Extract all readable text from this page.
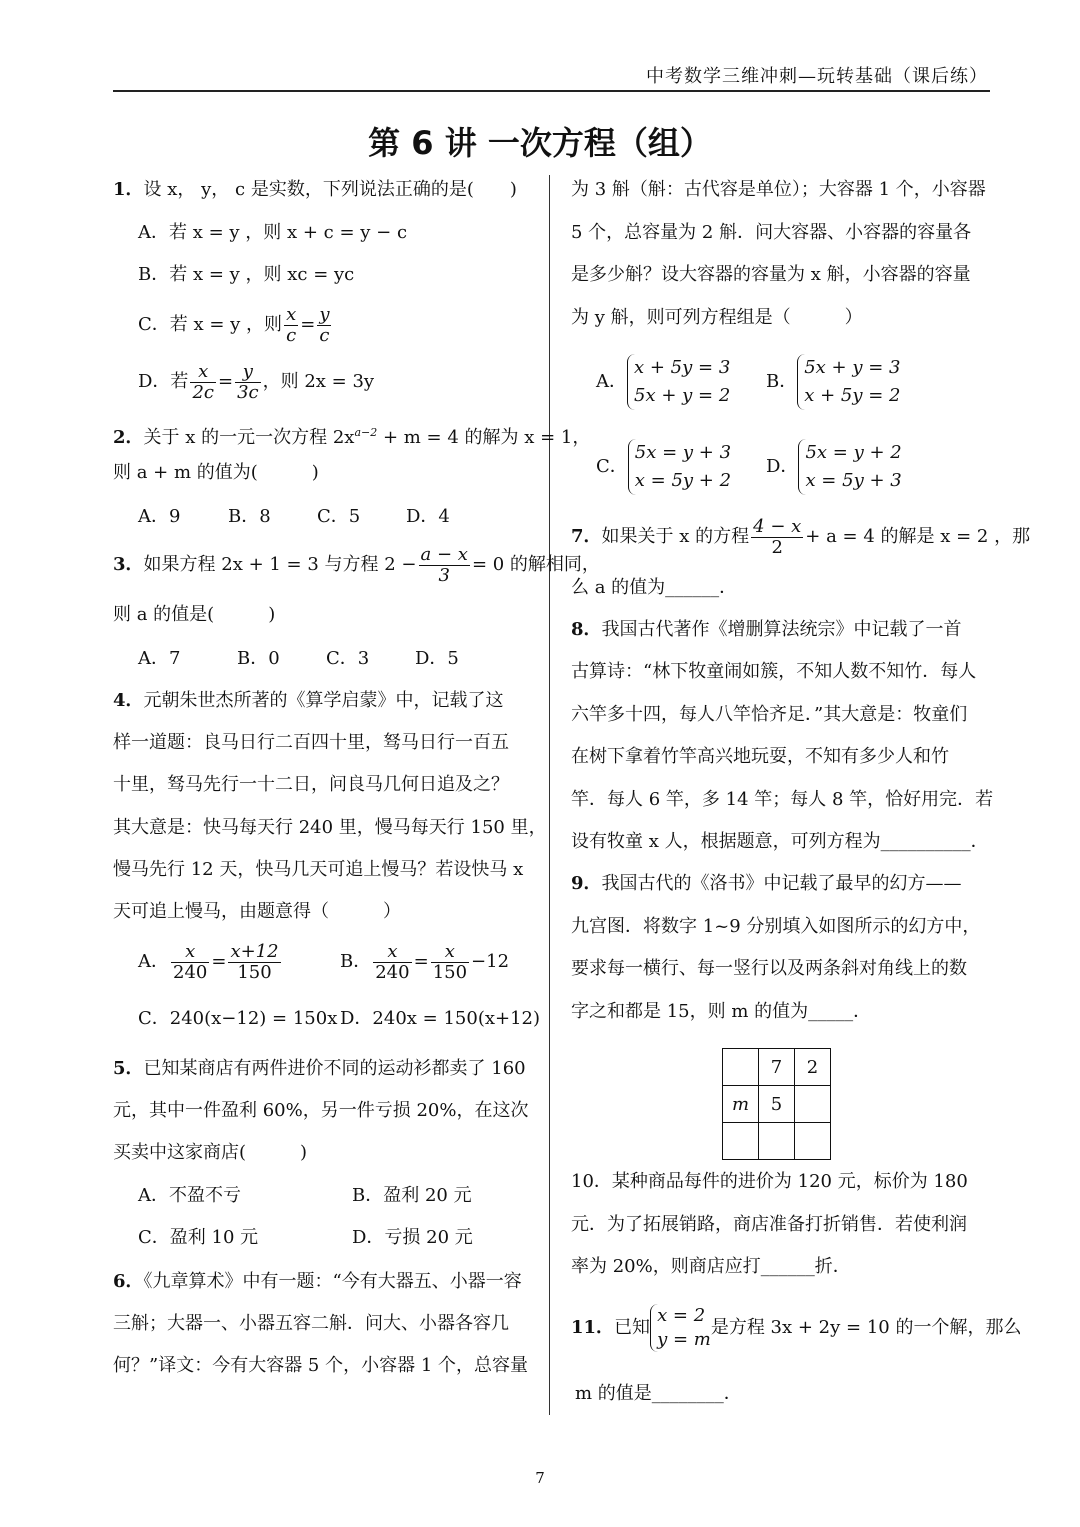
中考数学三维冲刺—玩转基础（课后练）
第 6 讲 一次方程（组）
1．设 x， y， c 是实数，下列说法正确的是(　　)
A．若 x = y ，则 x + c = y − c
B．若 x = y ，则 xc = yc
C．若 x = y ，则 $\frac{x}{c} = \frac{y}{c}$
D．若 $\frac{x}{2c} = \frac{y}{3c}$ ，则 2x = 3y
2．关于 x 的一元一次方程 $2x^{a-2} + m = 4$ 的解为 x = 1，
则 a + m 的值为(　　　)
A．9	B．8	C．5	D．4
3．如果方程 2x + 1 = 3 与方程 $2 - \frac{a - x}{3} = 0$ 的解相同，
则 a 的值是(　　　)
A．7	B．0	C．3	D．5
4．元朝朱世杰所著的《算学启蒙》中，记载了这
样一道题：良马日行二百四十里，驽马日行一百五
十里，驽马先行一十二日，问良马几何日追及之？
其大意是：快马每天行 240 里，慢马每天行 150 里，
慢马先行 12 天，快马几天可追上慢马？若设快马 x
天可追上慢马，由题意得（　　　）
A． $\frac{x}{240} = \frac{x+12}{150}$	B． $\frac{x}{240} = \frac{x}{150} -12$
C．240(x−12) = 150x D．240x = 150(x+12)
5．已知某商店有两件进价不同的运动衫都卖了 160
元，其中一件盈利 60%，另一件亏损 20%，在这次
买卖中这家商店(　　　)
A．不盈不亏	B．盈利 20 元
C．盈利 10 元	D．亏损 20 元
6．《九章算术》中有一题：“今有大器五、小器一容
三斛；大器一、小器五容二斛．问大、小器各容几
何？”译文：今有大容器 5 个，小容器 1 个，总容量
为 3 斛（斛：古代容是单位）；大容器 1 个，小容器
5 个，总容量为 2 斛．问大容器、小容器的容量各
是多少斛？设大容器的容量为 x 斛，小容器的容量
为 y 斛，则可列方程组是（　　　）
A．
x + 5y = 3
5x + y = 2
B．
5x + y = 3
x + 5y = 2
C．
5x = y + 3
x = 5y + 2
D．
5x = y + 2
x = 5y + 3
7．如果关于 x 的方程 $\frac{4 - x}{2} + a = 4$ 的解是 x = 2 ，那
么 a 的值为______．
8．我国古代著作《增删算法统宗》中记载了一首
古算诗：“林下牧童闹如簇，不知人数不知竹．每人
六竿多十四，每人八竿恰齐足．”其大意是：牧童们
在树下拿着竹竿高兴地玩耍，不知有多少人和竹
竿．每人 6 竿，多 14 竿；每人 8 竿，恰好用完．若
设有牧童 x 人，根据题意，可列方程为__________．
9．我国古代的《洛书》中记载了最早的幻方——
九宫图．将数字 1~9 分别填入如图所示的幻方中，
要求每一横行、每一竖行以及两条斜对角线上的数
字之和都是 15，则 m 的值为_____．
	7	2
m	5	

10．某种商品每件的进价为 120 元，标价为 180
元．为了拓展销路，商店准备打折销售．若使利润
率为 20%，则商店应打______折．
11．已知
x = 2
y = m
是方程 3x + 2y = 10 的一个解，那么
m 的值是________．
7
